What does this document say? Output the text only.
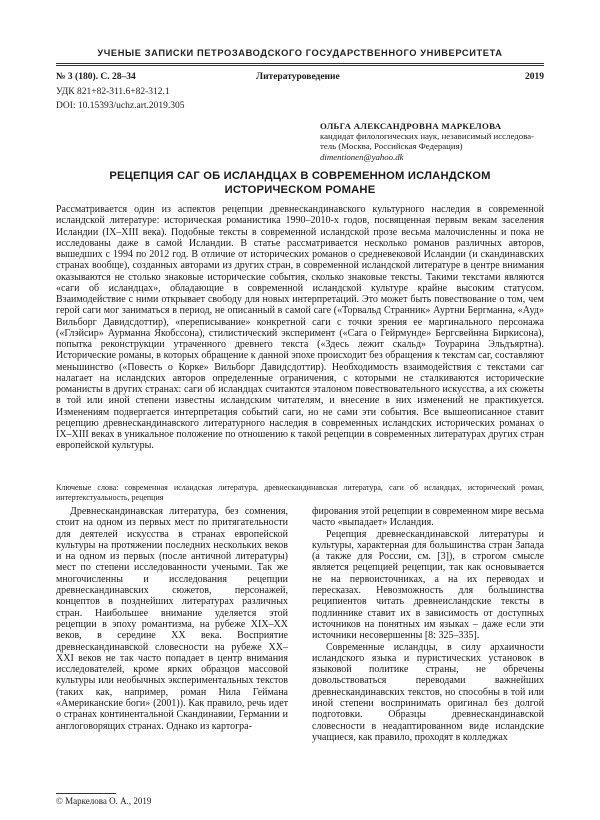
УЧЕНЫЕ ЗАПИСКИ ПЕТРОЗАВОДСКОГО ГОСУДАРСТВЕННОГО УНИВЕРСИТЕТА
№ 3 (180). С. 28–34	Литературоведение	2019
УДК 821+82-311.6+82-312.1
DOI: 10.15393/uchz.art.2019.305
ОЛЬГА АЛЕКСАНДРОВНА МАРКЕЛОВА
кандидат филологических наук, независимый исследова-
тель (Москва, Российская Федерация)
dimentionen@yahoo.dk
РЕЦЕПЦИЯ САГ ОБ ИСЛАНДЦАХ В СОВРЕМЕННОМ ИСЛАНДСКОМ
ИСТОРИЧЕСКОМ РОМАНЕ

Рассматривается один из аспектов рецепции древнескандинавского культурного наследия в современной исландской литературе: историческая романистика 1990–2010-х годов, посвященная первым векам заселения Исландии (IX–XIII века). Подобные тексты в современной исландской прозе весьма малочисленны и пока не исследованы даже в самой Исландии. В статье рассматривается несколько романов различных авторов, вышедших с 1994 по 2012 год. В отличие от исторических романов о средневековой Исландии (и скандинавских странах вообще), созданных авторами из других стран, в современной исландской литературе в центре внимания оказываются не столько знаковые исторические события, сколько знаковые тексты. Такими текстами являются «саги об исландцах», обладающие в современной исландской культуре крайне высоким статусом. Взаимодействие с ними открывает свободу для новых интерпретаций. Это может быть повествование о том, чем герой саги мог заниматься в период, не описанный в самой саге («Торвальд Странник» Ауртни Бергманна, «Ауд» Вильборг Давидсдоттир), «переписывание» конкретной саги с точки зрения ее маргинального персонажа («Глэйсир» Аурманна Якобссона), стилистический эксперимент («Сага о Гейрмунде» Бергсвейнна Биркисона), попытка реконструкции утраченного древнего текста («Здесь лежит скальд» Тоурарина Эльдъяртна). Исторические романы, в которых обращение к данной эпохе происходит без обращения к текстам саг, составляют меньшинство («Повесть о Корке» Вильборг Давидсдоттир). Необходимость взаимодействия с текстами саг налагает на исландских авторов определенные ограничения, с которыми не сталкиваются исторические романисты в других странах: саги об исландцах считаются эталоном повествовательного искусства, а их сюжеты в той или иной степени известны исландским читателям, и внесение в них изменений не практикуется. Изменениям подвергается интерпретация событий саги, но не сами эти события. Все вышеописанное ставит рецепцию древнескандинавского литературного наследия в современных исландских исторических романах о IX–XIII веках в уникальное положение по отношению к такой рецепции в современных литературах других стран европейской культуры.

Ключевые слова: современная исландская литература, древнескандинавская литература, саги об исландцах, исторический роман, интертекстуальность, рецепция

Древнескандинавская литература, без сомнения, стоит на одном из первых мест по притягательности для деятелей искусства в странах европейской культуры на протяжении последних нескольких веков и на одном из первых (после античной литературы) мест по степени исследованности учеными. Так же многочисленны и исследования рецепции древнескандинавских сюжетов, персонажей, концептов в позднейших литературах различных стран. Наибольшее внимание уделяется этой рецепции в эпоху романтизма, на рубеже XIX–XX веков, в середине XX века. Восприятие древнескандинавской словесности на рубеже XX–XXI веков не так часто попадает в центр внимания исследователей, кроме ярких образцов массовой культуры или необычных экспериментальных текстов (таких как, например, роман Нила Геймана «Американские боги» (2001)). Как правило, речь идет о странах континентальной Скандинавии, Германии и англоговорящих странах. Однако из картогра-

фирования этой рецепции в современном мире весьма часто «выпадает» Исландия.

Рецепция древнескандинавской литературы и культуры, характерная для большинства стран Запада (а также для России, см. [3]), в строгом смысле является рецепцией рецепции, так как основывается не на первоисточниках, а на их переводах и пересказах. Невозможность для большинства реципиентов читать древнеисландские тексты в подлиннике ставит их в зависимость от доступных источников на понятных им языках – даже если эти источники несовершенны [8: 325–335].

Современные исландцы, в силу архаичности исландского языка и пуристических установок в языковой политике страны, не обречены довольствоваться переводами важнейших древнескандинавских текстов, но способны в той или иной степени воспринимать оригинал без долгой подготовки. Образцы древнескандинавской словесности в неадаптированном виде исландские учащиеся, как правило, проходят в колледжах

© Маркелова О. А., 2019
